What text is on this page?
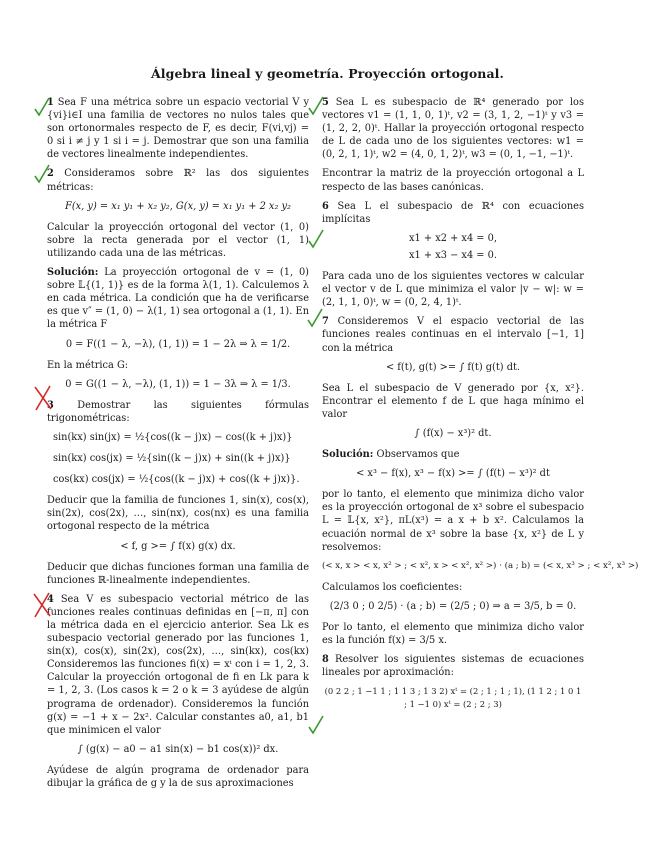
Álgebra lineal y geometría. Proyección ortogonal.

1 Sea F una métrica sobre un espacio vectorial V y {vi}i∈I una familia de vectores no nulos tales que son ortonormales respecto de F, es decir, F(vi,vj) = 0 si i ≠ j y 1 si i = j. Demostrar que son una familia de vectores linealmente independientes.

2 Consideramos sobre ℝ² las dos siguientes métricas:

F(x, y) = x₁ y₁ + x₂ y₂, G(x, y) = x₁ y₁ + 2 x₂ y₂

Calcular la proyección ortogonal del vector (1, 0) sobre la recta generada por el vector (1, 1) utilizando cada una de las métricas.

Solución: La proyección ortogonal de v = (1, 0) sobre 𝕃{(1, 1)} es de la forma λ(1, 1). Calculemos λ en cada métrica. La condición que ha de verificarse es que v″ = (1, 0) − λ(1, 1) sea ortogonal a (1, 1). En la métrica F

0 = F((1 − λ, −λ), (1, 1)) = 1 − 2λ ⇒ λ = 1/2.

En la métrica G:

0 = G((1 − λ, −λ), (1, 1)) = 1 − 3λ ⇒ λ = 1/3.

3 Demostrar las siguientes fórmulas trigonométricas:

sin(kx) sin(jx) = ½{cos((k − j)x) − cos((k + j)x)}
sin(kx) cos(jx) = ½{sin((k − j)x) + sin((k + j)x)}
cos(kx) cos(jx) = ½{cos((k − j)x) + cos((k + j)x)}.

Deducir que la familia de funciones 1, sin(x), cos(x), sin(2x), cos(2x), …, sin(nx), cos(nx) es una familia ortogonal respecto de la métrica

< f, g >= ∫ f(x) g(x) dx.

Deducir que dichas funciones forman una familia de funciones ℝ-linealmente independientes.

4 Sea V es subespacio vectorial métrico de las funciones reales continuas definidas en [−π, π] con la métrica dada en el ejercicio anterior. Sea Lk es subespacio vectorial generado por las funciones 1, sin(x), cos(x), sin(2x), cos(2x), …, sin(kx), cos(kx) Consideremos las funciones fi(x) = xⁱ con i = 1, 2, 3. Calcular la proyección ortogonal de fi en Lk para k = 1, 2, 3. (Los casos k = 2 o k = 3 ayúdese de algún programa de ordenador). Consideremos la función g(x) = −1 + x − 2x². Calcular constantes a0, a1, b1 que minimicen el valor

∫ (g(x) − a0 − a1 sin(x) − b1 cos(x))² dx.

Ayúdese de algún programa de ordenador para dibujar la gráfica de g y la de sus aproximaciones

5 Sea L es subespacio de ℝ⁴ generado por los vectores v1 = (1, 1, 0, 1)ᵗ, v2 = (3, 1, 2, −1)ᵗ y v3 = (1, 2, 2, 0)ᵗ. Hallar la proyección ortogonal respecto de L de cada uno de los siguientes vectores: w1 = (0, 2, 1, 1)ᵗ, w2 = (4, 0, 1, 2)ᵗ, w3 = (0, 1, −1, −1)ᵗ.

Encontrar la matriz de la proyección ortogonal a L respecto de las bases canónicas.

6 Sea L el subespacio de ℝ⁴ con ecuaciones implícitas

x1 + x2 + x4 = 0,
x1 + x3 − x4 = 0.

Para cada uno de los siguientes vectores w calcular el vector v de L que minimiza el valor |v − w|: w = (2, 1, 1, 0)ᵗ, w = (0, 2, 4, 1)ᵗ.

7 Consideremos V el espacio vectorial de las funciones reales continuas en el intervalo [−1, 1] con la métrica

< f(t), g(t) >= ∫ f(t) g(t) dt.

Sea L el subespacio de V generado por {x, x²}. Encontrar el elemento f de L que haga mínimo el valor

∫ (f(x) − x³)² dt.

Solución: Observamos que

< x³ − f(x), x³ − f(x) >= ∫ (f(t) − x³)² dt

por lo tanto, el elemento que minimiza dicho valor es la proyección ortogonal de x³ sobre el subespacio L = 𝕃{x, x²}, πL(x³) = a x + b x². Calculamos la ecuación normal de x³ sobre la base {x, x²} de L y resolvemos:

(< x, x > < x, x² > ; < x², x > < x², x² >) · (a ; b) = (< x, x³ > ; < x², x³ >)

Calculamos los coeficientes:

(2/3 0 ; 0 2/5) · (a ; b) = (2/5 ; 0) ⇒ a = 3/5, b = 0.

Por lo tanto, el elemento que minimiza dicho valor es la función f(x) = 3/5 x.

8 Resolver los siguientes sistemas de ecuaciones lineales por aproximación:

(0 2 2 ; 1 −1 1 ; 1 1 3 ; 1 3 2) xᵗ = (2 ; 1 ; 1 ; 1), (1 1 2 ; 1 0 1 ; 1 −1 0) xᵗ = (2 ; 2 ; 3)
